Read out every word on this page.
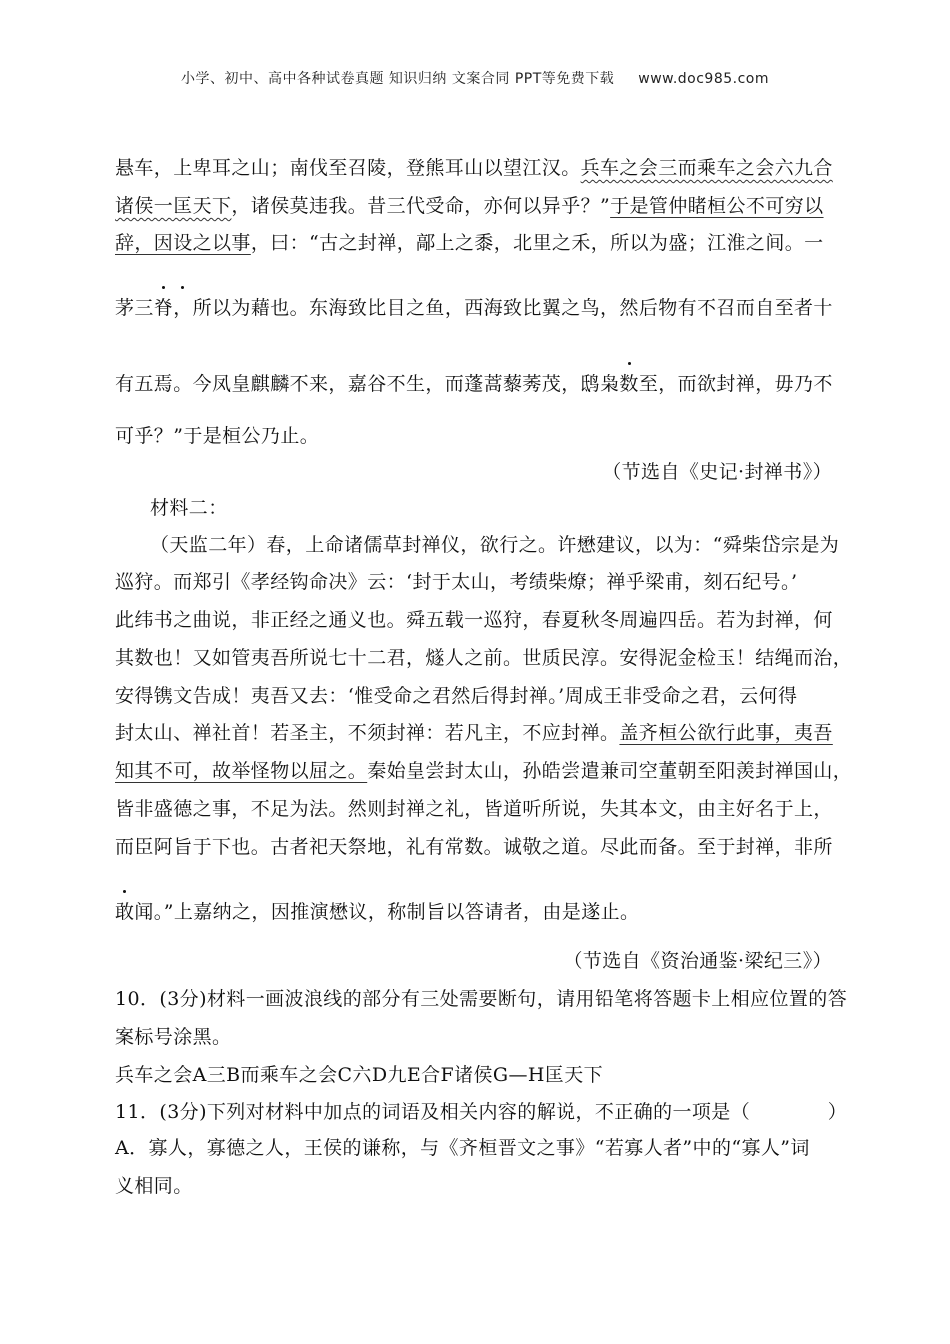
小学、初中、高中各种试卷真题 知识归纳 文案合同 PPT等免费下载 www.doc985.com
悬车，上卑耳之山；南伐至召陵，登熊耳山以望江汉。兵车之会三而乘车之会六九合
诸侯一匡天下，诸侯莫违我。昔三代受命，亦何以异乎？”于是管仲睹桓公不可穷以
辞，因设之以事，曰：“古之封禅，鄗上之黍，北里之禾，所以为盛；江淮之间。一
茅三脊，所以为藉也。东海致比目之鱼，西海致比翼之鸟，然后物有不召而自至者十
有五焉。今凤皇麒麟不来，嘉谷不生，而蓬蒿藜莠茂，鸱枭数至，而欲封禅，毋乃不
可乎？”于是桓公乃止。
（节选自《史记·封禅书》）
材料二：
（天监二年）春，上命诸儒草封禅仪，欲行之。许懋建议，以为：“舜柴岱宗是为
巡狩。而郑引《孝经钩命决》云：‘封于太山，考绩柴燎；禅乎梁甫，刻石纪号。’
此纬书之曲说，非正经之通义也。舜五载一巡狩，春夏秋冬周遍四岳。若为封禅，何
其数也！又如管夷吾所说七十二君，燧人之前。世质民淳。安得泥金检玉！结绳而治，
安得镌文告成！夷吾又去：‘惟受命之君然后得封禅。’周成王非受命之君，云何得
封太山、禅社首！若圣主，不须封禅：若凡主，不应封禅。盖齐桓公欲行此事，夷吾
知其不可，故举怪物以屈之。秦始皇尝封太山，孙皓尝遣兼司空董朝至阳羡封禅国山，
皆非盛德之事，不足为法。然则封禅之礼，皆道听所说，失其本文，由主好名于上，
而臣阿旨于下也。古者祀天祭地，礼有常数。诚敬之道。尽此而备。至于封禅，非所
敢闻。”上嘉纳之，因推演懋议，称制旨以答请者，由是遂止。
（节选自《资治通鉴·梁纪三》）
10．(3分)材料一画波浪线的部分有三处需要断句，请用铅笔将答题卡上相应位置的答
案标号涂黑。
兵车之会A三B而乘车之会C六D九E合F诸侯G—H匡天下
11．(3分)下列对材料中加点的词语及相关内容的解说，不正确的一项是（　　　　）
A．寡人，寡德之人，王侯的谦称，与《齐桓晋文之事》“若寡人者”中的“寡人”词
义相同。
